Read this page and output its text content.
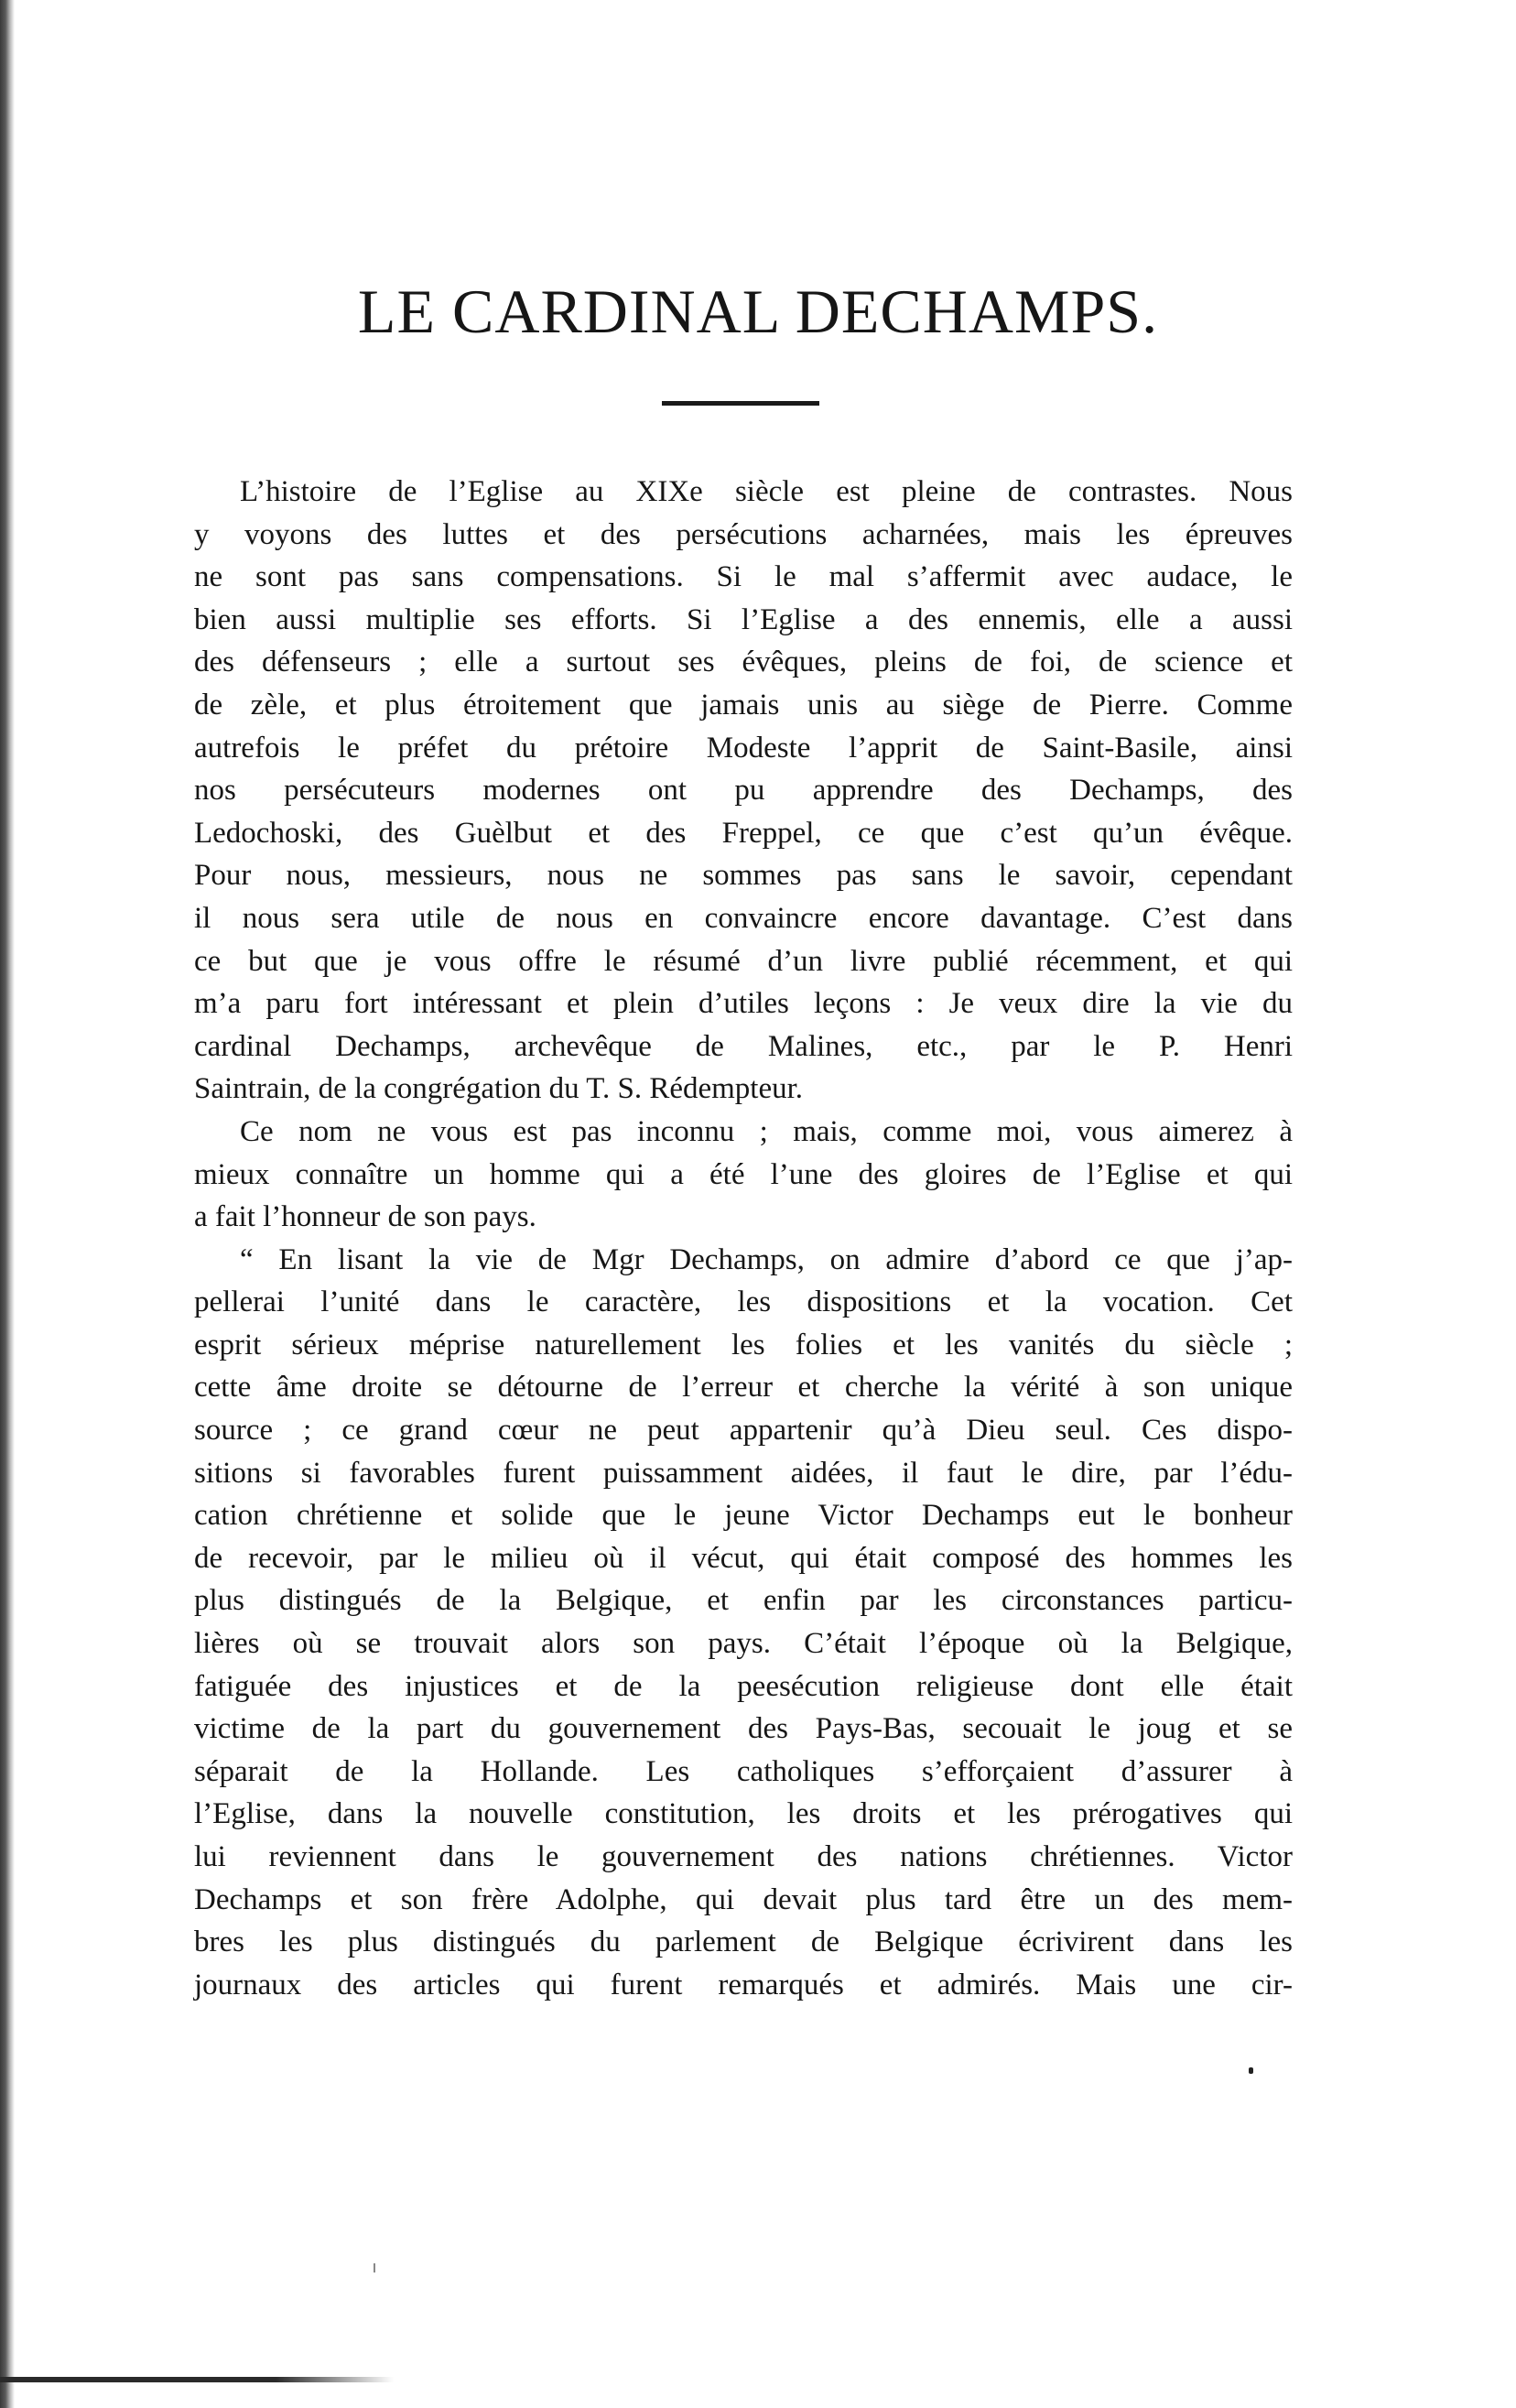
LE CARDINAL DECHAMPS.
L’histoire de l’Eglise au XIXe siècle est pleine de contrastes. Nous
y voyons des luttes et des persécutions acharnées, mais les épreuves
ne sont pas sans compensations. Si le mal s’affermit avec audace, le
bien aussi multiplie ses efforts. Si l’Eglise a des ennemis, elle a aussi
des défenseurs ; elle a surtout ses évêques, pleins de foi, de science et
de zèle, et plus étroitement que jamais unis au siège de Pierre. Comme
autrefois le préfet du prétoire Modeste l’apprit de Saint-Basile, ainsi
nos persécuteurs modernes ont pu apprendre des Dechamps, des
Ledochoski, des Guèlbut et des Freppel, ce que c’est qu’un évêque.
Pour nous, messieurs, nous ne sommes pas sans le savoir, cependant
il nous sera utile de nous en convaincre encore davantage. C’est dans
ce but que je vous offre le résumé d’un livre publié récemment, et qui
m’a paru fort intéressant et plein d’utiles leçons : Je veux dire la vie du
cardinal Dechamps, archevêque de Malines, etc., par le P. Henri
Saintrain, de la congrégation du T. S. Rédempteur.
Ce nom ne vous est pas inconnu ; mais, comme moi, vous aimerez à
mieux connaître un homme qui a été l’une des gloires de l’Eglise et qui
a fait l’honneur de son pays.
“ En lisant la vie de Mgr Dechamps, on admire d’abord ce que j’ap-
pellerai l’unité dans le caractère, les dispositions et la vocation. Cet
esprit sérieux méprise naturellement les folies et les vanités du siècle ;
cette âme droite se détourne de l’erreur et cherche la vérité à son unique
source ; ce grand cœur ne peut appartenir qu’à Dieu seul. Ces dispo-
sitions si favorables furent puissamment aidées, il faut le dire, par l’édu-
cation chrétienne et solide que le jeune Victor Dechamps eut le bonheur
de recevoir, par le milieu où il vécut, qui était composé des hommes les
plus distingués de la Belgique, et enfin par les circonstances particu-
lières où se trouvait alors son pays. C’était l’époque où la Belgique,
fatiguée des injustices et de la peesécution religieuse dont elle était
victime de la part du gouvernement des Pays-Bas, secouait le joug et se
séparait de la Hollande. Les catholiques s’efforçaient d’assurer à
l’Eglise, dans la nouvelle constitution, les droits et les prérogatives qui
lui reviennent dans le gouvernement des nations chrétiennes. Victor
Dechamps et son frère Adolphe, qui devait plus tard être un des mem-
bres les plus distingués du parlement de Belgique écrivirent dans les
journaux des articles qui furent remarqués et admirés. Mais une cir-
